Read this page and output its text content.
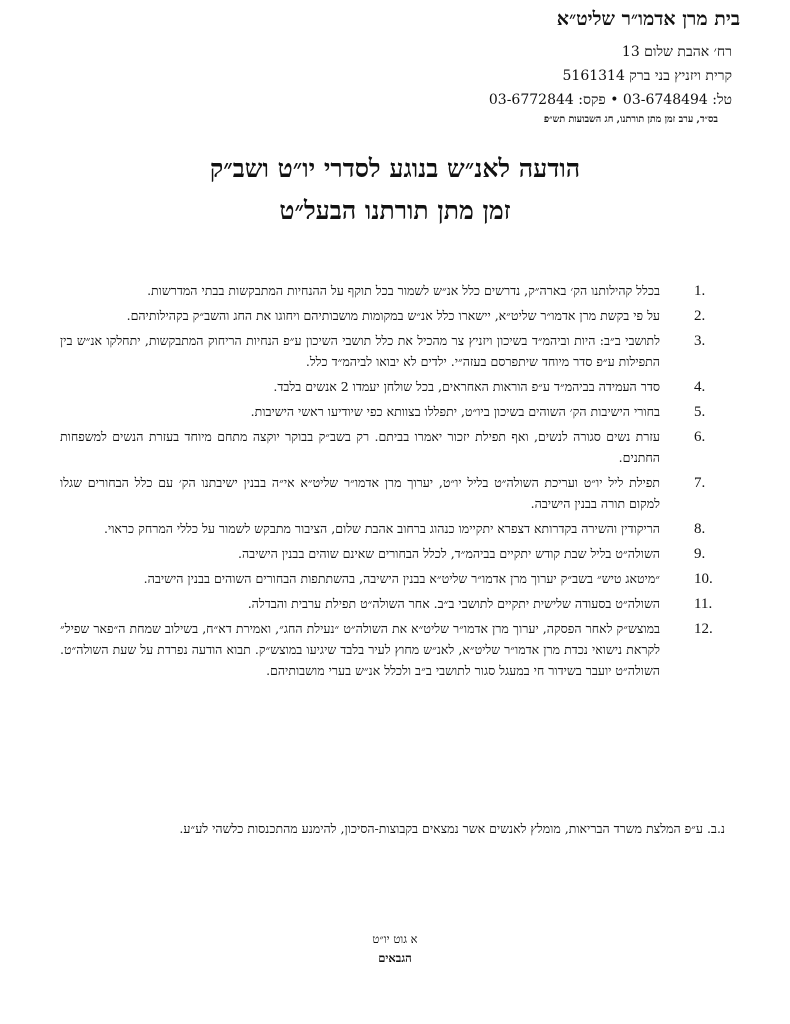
בית מרן אדמו״ר שליט״א
רח׳ אהבת שלום 13
קרית ויזניץ בני ברק 5161314
טל: 03-6748494 • פקס: 03-6772844
בס״ד, ערב זמן מתן תורתנו, חג השבועות תש״פ
הודעה לאנ״ש בנוגע לסדרי יו״ט ושב״ק
זמן מתן תורתנו הבעל״ט
1.
בכלל קהילותנו הק׳ בארה״ק, נדרשים כלל אנ״ש לשמור בכל תוקף על ההנחיות המתבקשות בבתי המדרשות.
2.
על פי בקשת מרן אדמו״ר שליט״א, יישארו כלל אנ״ש במקומות מושבותיהם ויחוגו את החג והשב״ק בקהילותיהם.
3.
לתושבי ב״ב: היות וביהמ״ד בשיכון ויזניץ צר מהכיל את כלל תושבי השיכון ע״פ הנחיות הריחוק המתבקשות, יתחלקו אנ״ש בין התפילות ע״פ סדר מיוחד שיתפרסם בעזה״י. ילדים לא יבואו לביהמ״ד כלל.
4.
סדר העמידה בביהמ״ד ע״פ הוראות האחראים, בכל שולחן יעמדו 2 אנשים בלבד.
5.
בחורי הישיבות הק׳ השוהים בשיכון ביו״ט, יתפללו בצוותא כפי שיודיעו ראשי הישיבות.
6.
עזרת נשים סגורה לנשים, ואף תפילת יזכור יאמרו בביתם. רק בשב״ק בבוקר יוקצה מתחם מיוחד בעזרת הנשים למשפחות החתנים.
7.
תפילת ליל יו״ט ועריכת השולה״ט בליל יו״ט, יערוך מרן אדמו״ר שליט״א אי״ה בבנין ישיבתנו הק׳ עם כלל הבחורים שגלו למקום תורה בבנין הישיבה.
8.
הריקודין והשירה בקדרותא דצפרא יתקיימו כנהוג ברחוב אהבת שלום, הציבור מתבקש לשמור על כללי המרחק כראוי.
9.
השולה״ט בליל שבת קודש יתקיים בביהמ״ד, לכלל הבחורים שאינם שוהים בבנין הישיבה.
10.
״מיטאג טיש״ בשב״ק יערוך מרן אדמו״ר שליט״א בבנין הישיבה, בהשתתפות הבחורים השוהים בבנין הישיבה.
11.
השולה״ט בסעודה שלישית יתקיים לתושבי ב״ב. אחר השולה״ט תפילת ערבית והבדלה.
12.
במוצש״ק לאחר הפסקה, יערוך מרן אדמו״ר שליט״א את השולה״ט ״נעילת החג״, ואמירת דא״ח, בשילוב שמחת ה״פאר שפיל״ לקראת נישואי נכדת מרן אדמו״ר שליט״א, לאנ״ש מחוץ לעיר בלבד שיגיעו במוצש״ק. תבוא הודעה נפרדת על שעת השולה״ט. השולה״ט יועבר בשידור חי במעגל סגור לתושבי ב״ב ולכלל אנ״ש בערי מושבותיהם.
נ.ב. ע״פ המלצת משרד הבריאות, מומלץ לאנשים אשר נמצאים בקבוצות-הסיכון, להימנע מהתכנסות כלשהי לע״ע.
א גוט יו״ט
הגבאים
